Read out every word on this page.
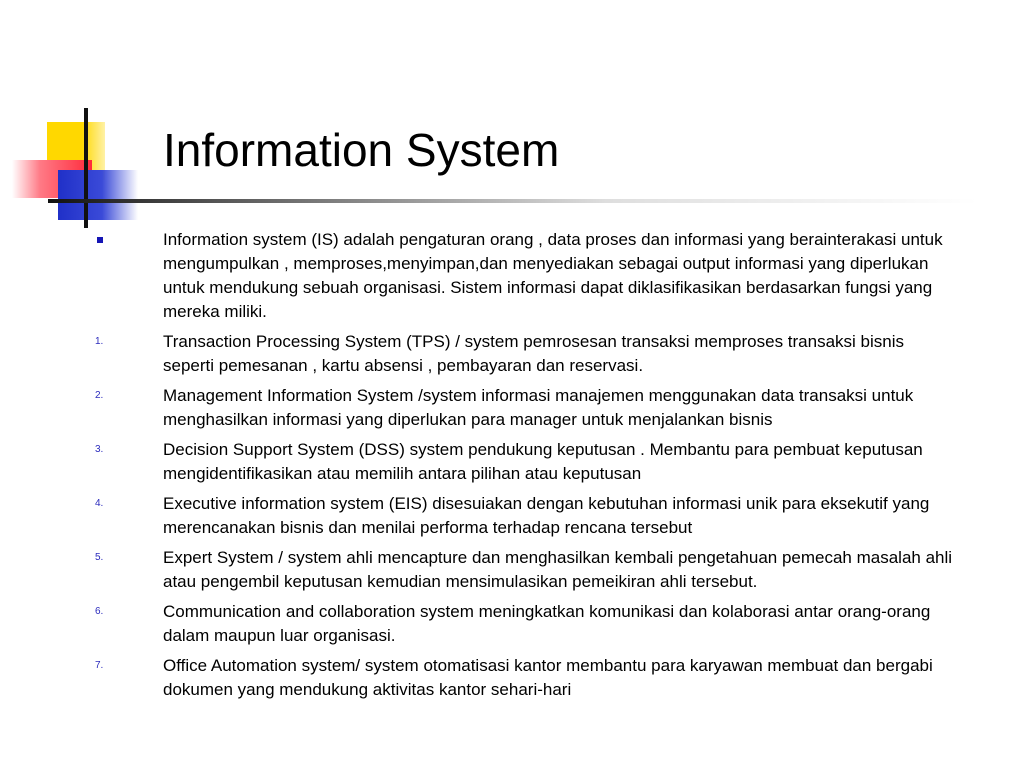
Information System
Information system (IS) adalah pengaturan orang , data proses dan informasi yang berainterakasi untuk mengumpulkan , memproses,menyimpan,dan menyediakan sebagai output informasi yang diperlukan untuk mendukung sebuah organisasi. Sistem informasi dapat diklasifikasikan berdasarkan fungsi yang mereka miliki.
1.	Transaction Processing System (TPS) / system pemrosesan transaksi memproses transaksi bisnis seperti pemesanan , kartu absensi , pembayaran dan reservasi.
2.	Management Information System /system informasi manajemen menggunakan data transaksi untuk menghasilkan informasi yang diperlukan para manager untuk menjalankan bisnis
3.	Decision Support System (DSS) system pendukung keputusan . Membantu para pembuat keputusan mengidentifikasikan atau memilih antara pilihan atau keputusan
4.	Executive information system (EIS) disesuiakan dengan kebutuhan informasi unik para eksekutif yang merencanakan bisnis dan menilai performa terhadap rencana tersebut
5.	Expert System / system ahli mencapture dan menghasilkan kembali pengetahuan pemecah masalah ahli atau pengembil keputusan kemudian mensimulasikan pemeikiran ahli tersebut.
6.	Communication and collaboration system meningkatkan komunikasi dan kolaborasi antar orang-orang dalam maupun luar organisasi.
7.	Office Automation system/ system otomatisasi kantor membantu para karyawan membuat dan bergabi dokumen yang mendukung aktivitas kantor sehari-hari
